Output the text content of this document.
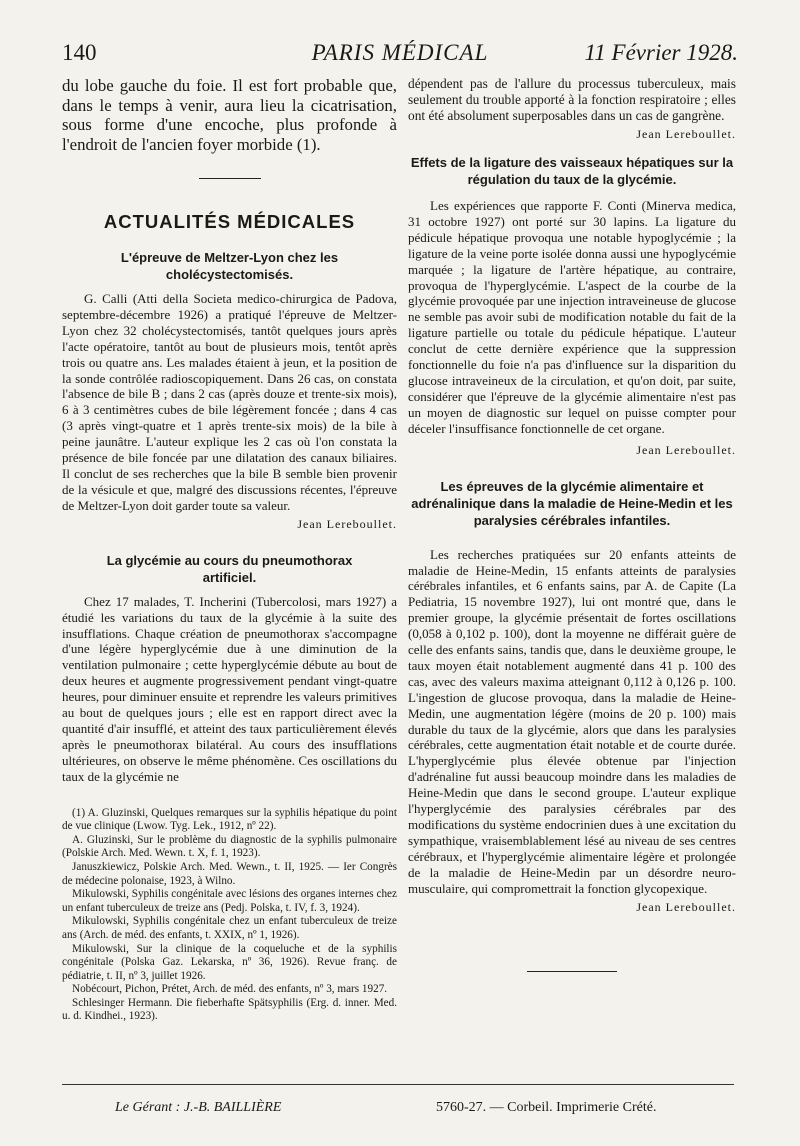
140	PARIS MÉDICAL	11 Février 1928.

du lobe gauche du foie. Il est fort probable que, dans le temps à venir, aura lieu la cicatrisation, sous forme d'une encoche, plus profonde à l'endroit de l'ancien foyer morbide (1).

ACTUALITÉS MÉDICALES

L'épreuve de Meltzer-Lyon chez les cholécystectomisés.

G. Calli (Atti della Societa medico-chirurgica de Padova, septembre-décembre 1926) a pratiqué l'épreuve de Meltzer-Lyon chez 32 cholécystectomisés, tantôt quelques jours après l'acte opératoire, tantôt au bout de plusieurs mois, tentôt après trois ou quatre ans. Les malades étaient à jeun, et la position de la sonde contrôlée radioscopiquement. Dans 26 cas, on constata l'absence de bile B ; dans 2 cas (après douze et trente-six mois), 6 à 3 centimètres cubes de bile légèrement foncée ; dans 4 cas (3 après vingt-quatre et 1 après trente-six mois) de la bile à peine jaunâtre. L'auteur explique les 2 cas où l'on constata la présence de bile foncée par une dilatation des canaux biliaires. Il conclut de ses recherches que la bile B semble bien provenir de la vésicule et que, malgré des discussions récentes, l'épreuve de Meltzer-Lyon doit garder toute sa valeur.

Jean Lereboullet.

La glycémie au cours du pneumothorax artificiel.

Chez 17 malades, T. Incherini (Tubercolosi, mars 1927) a étudié les variations du taux de la glycémie à la suite des insufflations. Chaque création de pneumothorax s'accompagne d'une légère hyperglycémie due à une diminution de la ventilation pulmonaire ; cette hyperglycémie débute au bout de deux heures et augmente progressivement pendant vingt-quatre heures, pour diminuer ensuite et reprendre les valeurs primitives au bout de quelques jours ; elle est en rapport direct avec la quantité d'air insufflé, et atteint des taux particulièrement élevés après le pneumothorax bilatéral. Au cours des insufflations ultérieures, on observe le même phénomène. Ces oscillations du taux de la glycémie ne

(1) A. Gluzinski, Quelques remarques sur la syphilis hépatique du point de vue clinique (Lwow. Tyg. Lek., 1912, nº 22).

A. Gluzinski, Sur le problème du diagnostic de la syphilis pulmonaire (Polskie Arch. Med. Wewn. t. X, f. 1, 1923).

Januszkiewicz, Polskie Arch. Med. Wewn., t. II, 1925. — Ier Congrès de médecine polonaise, 1923, à Wilno.

Mikulowski, Syphilis congénitale avec lésions des organes internes chez un enfant tuberculeux de treize ans (Pedj. Polska, t. IV, f. 3, 1924).

Mikulowski, Syphilis congénitale chez un enfant tuberculeux de treize ans (Arch. de méd. des enfants, t. XXIX, nº 1, 1926).

Mikulowski, Sur la clinique de la coqueluche et de la syphilis congénitale (Polska Gaz. Lekarska, nº 36, 1926). Revue franç. de pédiatrie, t. II, nº 3, juillet 1926.

Nobécourt, Pichon, Prétet, Arch. de méd. des enfants, nº 3, mars 1927.

Schlesinger Hermann. Die fieberhafte Spätsyphilis (Erg. d. inner. Med. u. d. Kindhei., 1923).

dépendent pas de l'allure du processus tuberculeux, mais seulement du trouble apporté à la fonction respiratoire ; elles ont été absolument superposables dans un cas de gangrène.

Jean Lereboullet.

Effets de la ligature des vaisseaux hépatiques sur la régulation du taux de la glycémie.

Les expériences que rapporte F. Conti (Minerva medica, 31 octobre 1927) ont porté sur 30 lapins. La ligature du pédicule hépatique provoqua une notable hypoglycémie ; la ligature de la veine porte isolée donna aussi une hypoglycémie marquée ; la ligature de l'artère hépatique, au contraire, provoqua de l'hyperglycémie. L'aspect de la courbe de la glycémie provoquée par une injection intraveineuse de glucose ne semble pas avoir subi de modification notable du fait de la ligature partielle ou totale du pédicule hépatique. L'auteur conclut de cette dernière expérience que la suppression fonctionnelle du foie n'a pas d'influence sur la disparition du glucose intraveineux de la circulation, et qu'on doit, par suite, considérer que l'épreuve de la glycémie alimentaire n'est pas un moyen de diagnostic sur lequel on puisse compter pour déceler l'insuffisance fonctionnelle de cet organe.

Jean Lereboullet.

Les épreuves de la glycémie alimentaire et adrénalinique dans la maladie de Heine-Medin et les paralysies cérébrales infantiles.

Les recherches pratiquées sur 20 enfants atteints de maladie de Heine-Medin, 15 enfants atteints de paralysies cérébrales infantiles, et 6 enfants sains, par A. de Capite (La Pediatria, 15 novembre 1927), lui ont montré que, dans le premier groupe, la glycémie présentait de fortes oscillations (0,058 à 0,102 p. 100), dont la moyenne ne différait guère de celle des enfants sains, tandis que, dans le deuxième groupe, le taux moyen était notablement augmenté dans 41 p. 100 des cas, avec des valeurs maxima atteignant 0,112 à 0,126 p. 100. L'ingestion de glucose provoqua, dans la maladie de Heine-Medin, une augmentation légère (moins de 20 p. 100) mais durable du taux de la glycémie, alors que dans les paralysies cérébrales, cette augmentation était notable et de courte durée. L'hyperglycémie plus élevée obtenue par l'injection d'adrénaline fut aussi beaucoup moindre dans les maladies de Heine-Medin que dans le second groupe. L'auteur explique l'hyperglycémie des paralysies cérébrales par des modifications du système endocrinien dues à une excitation du sympathique, vraisemblablement lésé au niveau de ses centres cérébraux, et l'hyperglycémie alimentaire légère et prolongée de la maladie de Heine-Medin par un désordre neuro-musculaire, qui compromettrait la fonction glycopexique.

Jean Lereboullet.

Le Gérant : J.-B. BAILLIÈRE	5760-27. — Corbeil. Imprimerie Crété.
